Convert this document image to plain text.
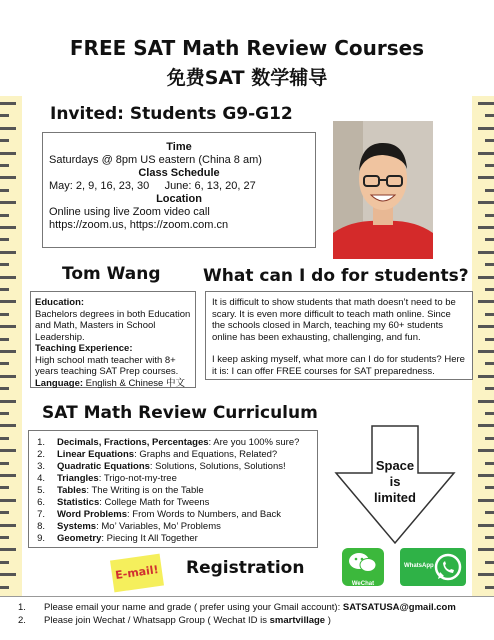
FREE SAT Math Review Courses
免费SAT 数学辅导
Invited: Students G9-G12
Time
Saturdays @ 8pm US eastern (China 8 am)
Class Schedule
May: 2, 9, 16, 23, 30     June: 6, 13, 20, 27
Location
Online using live Zoom video call
https://zoom.us, https://zoom.com.cn
Tom Wang What can I do for students?
Education:
Bachelors degrees in both Education and Math, Masters in School Leadership.
Teaching Experience:
High school math teacher with 8+ years teaching SAT Prep courses.
Language: English & Chinese 中文
It is difficult to show students that math doesn’t need to be scary. It is even more difficult to teach math online. Since the schools closed in March, teaching my 60+ students online has been exhausting, challenging, and fun.
I keep asking myself, what more can I do for students? Here it is: I can offer FREE courses for SAT preparedness.
SAT Math Review Curriculum
1.	Decimals, Fractions, Percentages: Are you 100% sure?
2.	Linear Equations: Graphs and Equations, Related?
3.	Quadratic Equations: Solutions, Solutions, Solutions!
4.	Triangles: Trigo-not-my-tree
5.	Tables: The Writing is on the Table
6.	Statistics: College Math for Tweens
7.	Word Problems: From Words to Numbers, and Back
8.	Systems: Mo’ Variables, Mo’ Problems
9.	Geometry: Piecing It All Together
Space
is
limited
E-mail! Registration
WeChat
WhatsApp
1.	Please email your name and grade ( prefer using your Gmail account): SATSATUSA@gmail.com
2.	Please join Wechat / Whatsapp Group ( Wechat ID is smartvillage )
